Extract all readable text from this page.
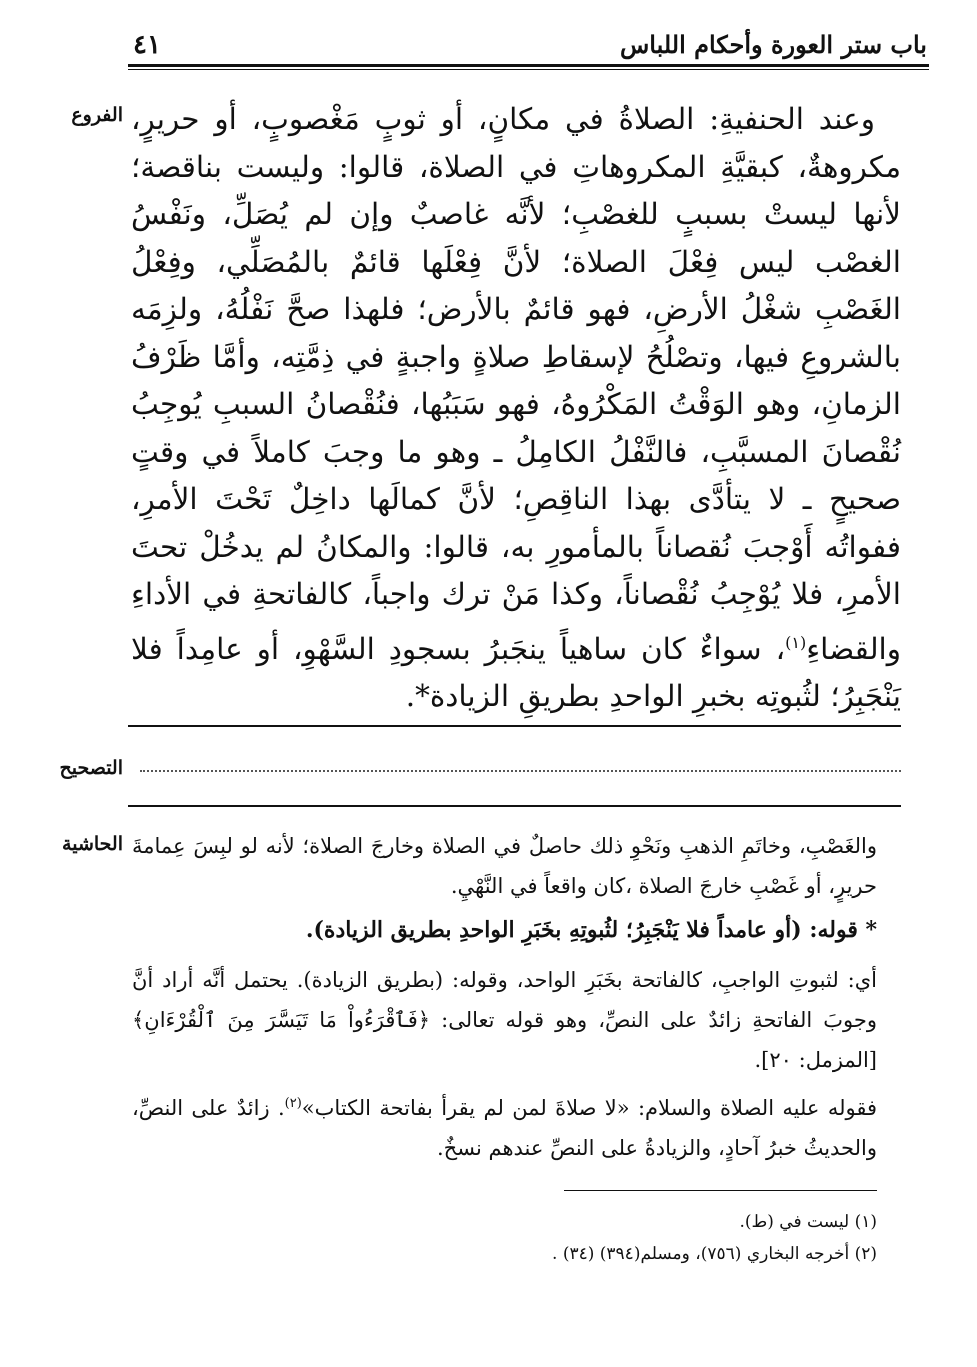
باب ستر العورة وأحكام اللباس
٤١
الفروع
التصحيح
الحاشية

وعند الحنفيةِ: الصلاةُ في مكانٍ، أو ثوبٍ مَغْصوبٍ، أو حريرٍ، مكروهةٌ، كبقيَّةِ المكروهاتِ في الصلاة، قالوا: وليست بناقصة؛ لأنها ليستْ بسببٍ للغصْبِ؛ لأنَّه غاصبٌ وإن لم يُصَلِّ، ونَفْسُ الغصْب ليس فِعْلَ الصلاة؛ لأنَّ فِعْلَها قائمٌ بالمُصَلِّي، وفِعْلُ الغَصْبِ شغْلُ الأرضِ، فهو قائمٌ بالأرض؛ فلهذا صحَّ نَفْلُهُ، ولزِمَه بالشروعِ فيها، وتصْلُحُ لإسقاطِ صلاةٍ واجبةٍ في ذِمَّتِه، وأمَّا ظَرْفُ الزمانِ، وهو الوَقْتُ المَكْرُوهُ، فهو سَبَبُها، فنُقْصانُ السببِ يُوجِبُ نُقْصانَ المسبَّبِ، فالنَّفْلُ الكامِلُ ـ وهو ما وجبَ كاملاً في وقتٍ صحيحٍ ـ لا يتأدَّى بهذا الناقِصِ؛ لأنَّ كمالَها داخِلٌ تَحْتَ الأمرِ، ففواتُه أَوْجبَ نُقصاناً بالمأمورِ به، قالوا: والمكانُ لم يدخُلْ تحتَ الأمرِ، فلا يُوْجِبُ نُقْصاناً، وكذا مَنْ ترك واجباً، كالفاتحةِ في الأداءِ والقضاءِ$^{(١)}$، سواءٌ كان ساهياً ينجَبرُ بسجودِ السَّهْوِ، أو عامِداً فلا يَنْجَبِرُ؛ لثُبوتِه بخبرِ الواحدِ بطريقِ الزيادة*.

والغَصْبِ، وخاتَمِ الذهبِ ونَحْوِ ذلك حاصلٌ في الصلاة وخارجَ الصلاة؛ لأنه لو لبِسَ عِمامةَ حريرٍ، أو غَصْبِ خارجَ الصلاة ،كان واقعاً في النَّهْيِ.

* قوله: (أو عامداً فلا يَنْجَبِرُ؛ لثُبوتِهِ بخَبَرِ الواحدِ بطريق الزيادة).

أي: لثبوتِ الواجبِ، كالفاتحة بخَبَرِ الواحد، وقوله: (بطريق الزيادة). يحتمل أنَّه أراد أنَّ وجوبَ الفاتحةِ زائدٌ على النصِّ، وهو قوله تعالى: ﴿فَٱقْرَءُواْ مَا تَيَسَّرَ مِنَ ٱلْقُرْءَانِ﴾ [المزمل: ٢٠].

فقوله عليه الصلاة والسلام: «لا صلاةَ لمن لم يقرأ بفاتحة الكتاب»$^{(٢)}$. زائدٌ على النصِّ، والحديثُ خبرُ آحادٍ، والزيادةُ على النصِّ عندهم نسخٌ.

(١) ليست في (ط).

(٢) أخرجه البخاري (٧٥٦)، ومسلم(٣٩٤) (٣٤) .
